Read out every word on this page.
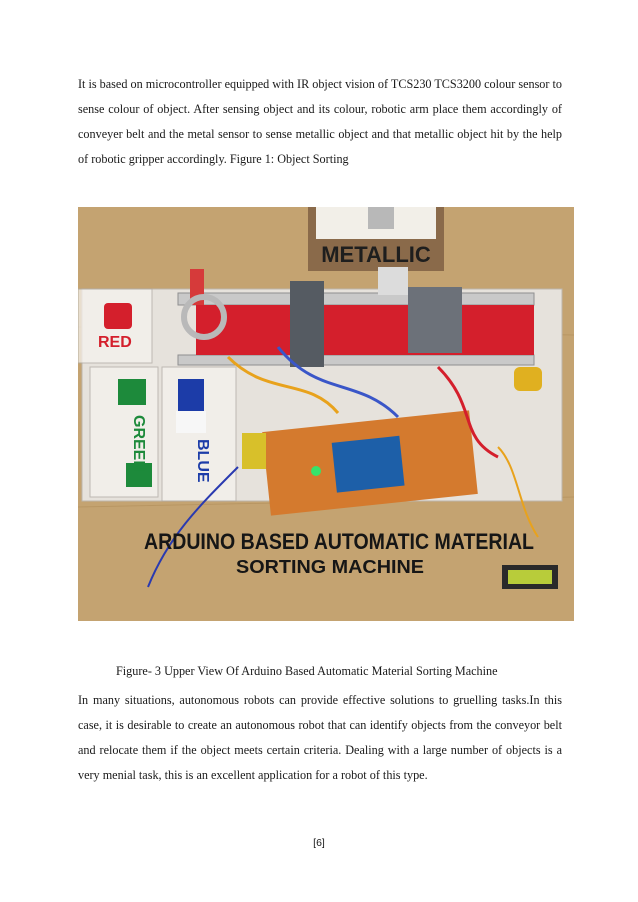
It is based on microcontroller equipped with IR object vision of TCS230 TCS3200 colour sensor to sense colour of object. After sensing object and its colour, robotic arm place them accordingly of conveyer belt and the metal sensor to sense metallic object and that metallic object hit by the help of robotic gripper accordingly. Figure 1: Object Sorting

METALLIC
RED
GREEN	BLUE
ARDUINO BASED AUTOMATIC MATERIAL
SORTING MACHINE

Figure- 3 Upper View Of Arduino Based Automatic Material Sorting Machine

In many situations, autonomous robots can provide effective solutions to gruelling tasks.In this case, it is desirable to create an autonomous robot that can identify objects from the conveyor belt and relocate them if the object meets certain criteria. Dealing with a large number of objects is a very menial task, this is an excellent application for a robot of this type.

[6]
